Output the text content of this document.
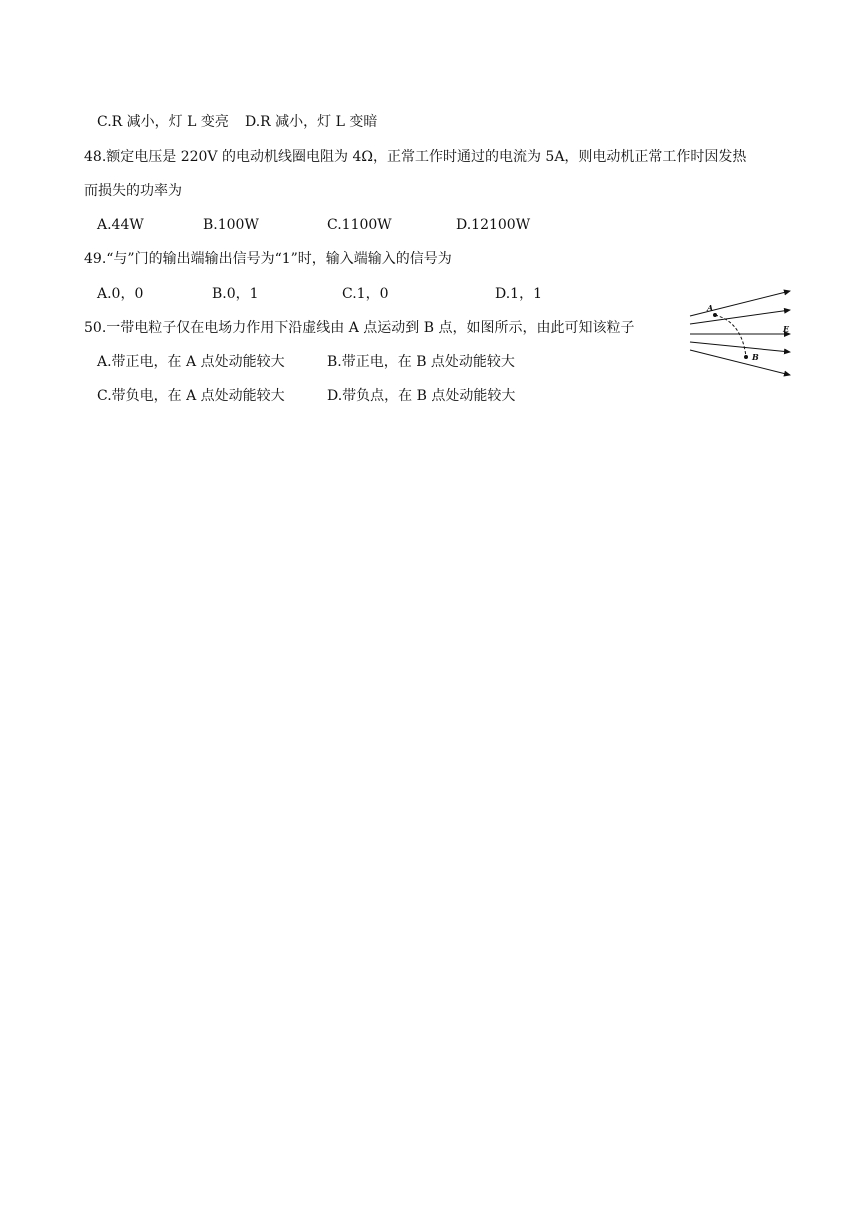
C.R 减小，灯 L 变亮 D.R 减小，灯 L 变暗
48.额定电压是 220V 的电动机线圈电阻为 4Ω，正常工作时通过的电流为 5A，则电动机正常工作时因发热
而损失的功率为
A.44W	B.100W	C.1100W	D.12100W
49.“与”门的输出端输出信号为“1”时，输入端输入的信号为
A.0，0	B.0，1	C.1，0	D.1，1
50.一带电粒子仅在电场力作用下沿虚线由 A 点运动到 B 点，如图所示，由此可知该粒子
A.带正电，在 A 点处动能较大	B.带正电，在 B 点处动能较大
C.带负电，在 A 点处动能较大	D.带负点，在 B 点处动能较大
A
B
E
